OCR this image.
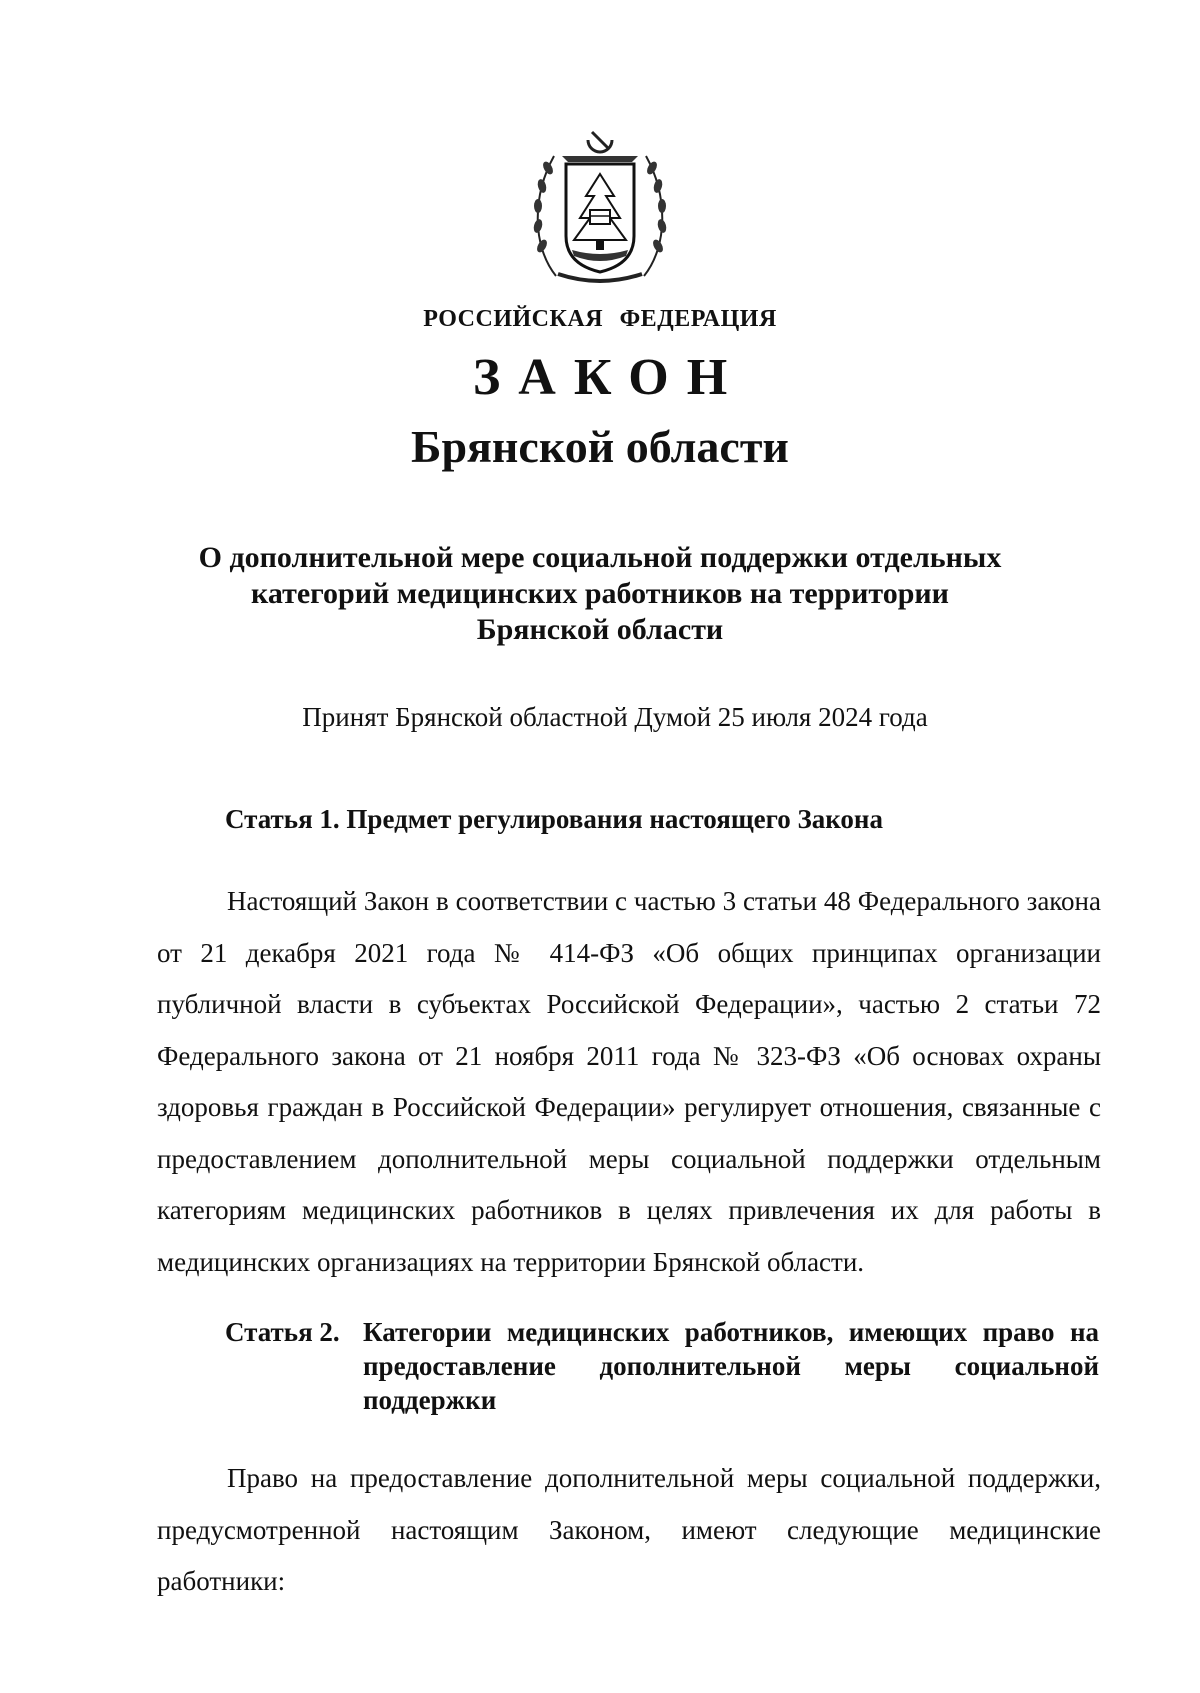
РОССИЙСКАЯ ФЕДЕРАЦИЯ
ЗАКОН
Брянской области
О дополнительной мере социальной поддержки отдельных
категорий медицинских работников на территории
Брянской области
Принят Брянской областной Думой 25 июля 2024 года
Статья 1. Предмет регулирования настоящего Закона

Настоящий Закон в соответствии с частью 3 статьи 48 Федерального закона от 21 декабря 2021 года № 414-ФЗ «Об общих принципах организации публичной власти в субъектах Российской Федерации», частью 2 статьи 72 Федерального закона от 21 ноября 2011 года № 323-ФЗ «Об основах охраны здоровья граждан в Российской Федерации» регулирует отношения, связанные с предоставлением дополнительной меры социальной поддержки отдельным категориям медицинских работников в целях привлечения их для работы в медицинских организациях на территории Брянской области.

Статья 2. Категории медицинских работников, имеющих право на предоставление дополнительной меры социальной поддержки

Право на предоставление дополнительной меры социальной поддержки, предусмотренной настоящим Законом, имеют следующие медицинские работники:
